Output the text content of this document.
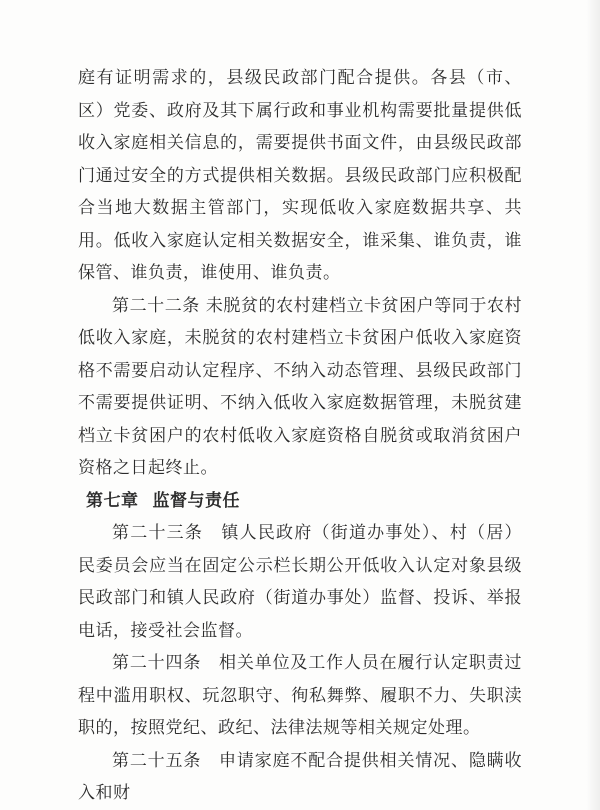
庭有证明需求的，县级民政部门配合提供。各县（市、区）党委、政府及其下属行政和事业机构需要批量提供低收入家庭相关信息的，需要提供书面文件，由县级民政部门通过安全的方式提供相关数据。县级民政部门应积极配合当地大数据主管部门，实现低收入家庭数据共享、共用。低收入家庭认定相关数据安全，谁采集、谁负责，谁保管、谁负责，谁使用、谁负责。

第二十二条 未脱贫的农村建档立卡贫困户等同于农村低收入家庭，未脱贫的农村建档立卡贫困户低收入家庭资格不需要启动认定程序、不纳入动态管理、县级民政部门不需要提供证明、不纳入低收入家庭数据管理，未脱贫建档立卡贫困户的农村低收入家庭资格自脱贫或取消贫困户资格之日起终止。

第七章 监督与责任

第二十三条　镇人民政府（街道办事处）、村（居）民委员会应当在固定公示栏长期公开低收入认定对象县级民政部门和镇人民政府（街道办事处）监督、投诉、举报电话，接受社会监督。

第二十四条　相关单位及工作人员在履行认定职责过程中滥用职权、玩忽职守、徇私舞弊、履职不力、失职渎职的，按照党纪、政纪、法律法规等相关规定处理。

第二十五条　申请家庭不配合提供相关情况、隐瞒收入和财
